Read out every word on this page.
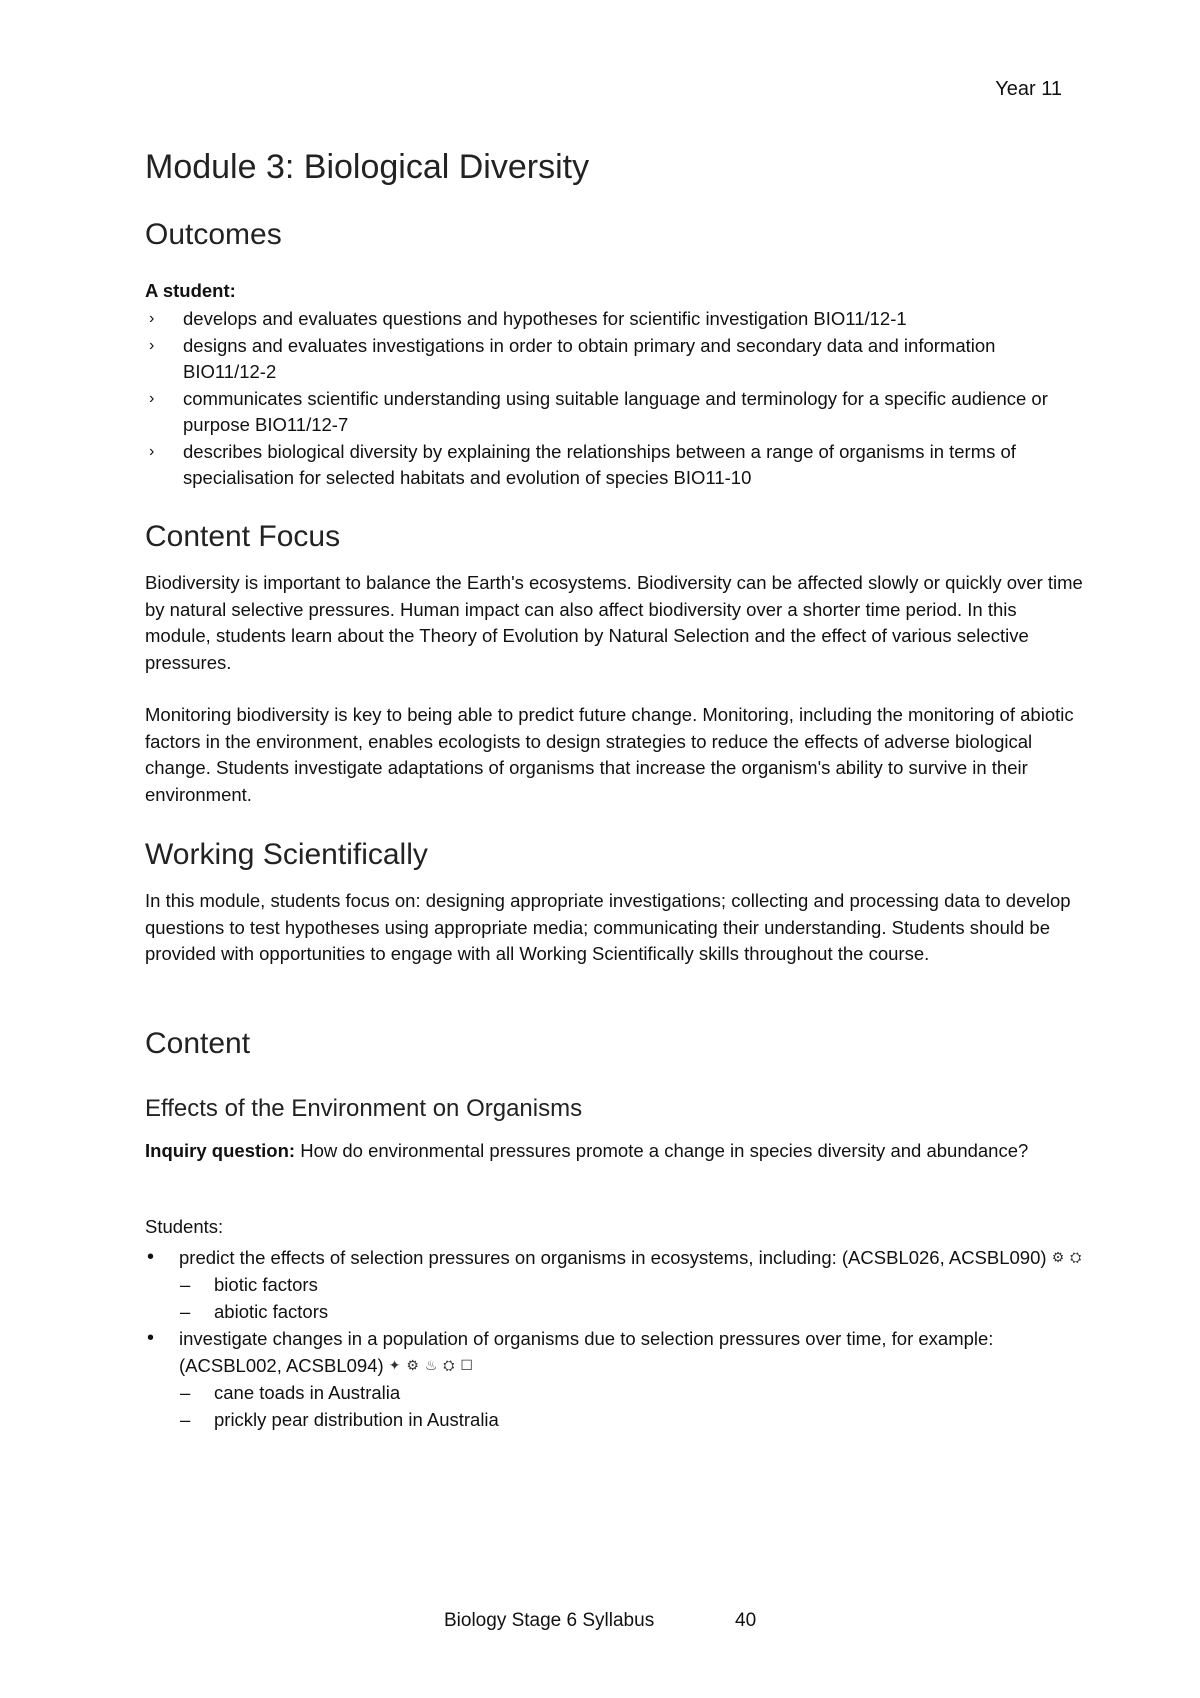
Year 11
Module 3: Biological Diversity
Outcomes
A student:
› develops and evaluates questions and hypotheses for scientific investigation BIO11/12-1
› designs and evaluates investigations in order to obtain primary and secondary data and information BIO11/12-2
› communicates scientific understanding using suitable language and terminology for a specific audience or purpose BIO11/12-7
› describes biological diversity by explaining the relationships between a range of organisms in terms of specialisation for selected habitats and evolution of species BIO11-10
Content Focus
Biodiversity is important to balance the Earth's ecosystems. Biodiversity can be affected slowly or quickly over time by natural selective pressures. Human impact can also affect biodiversity over a shorter time period. In this module, students learn about the Theory of Evolution by Natural Selection and the effect of various selective pressures.
Monitoring biodiversity is key to being able to predict future change. Monitoring, including the monitoring of abiotic factors in the environment, enables ecologists to design strategies to reduce the effects of adverse biological change. Students investigate adaptations of organisms that increase the organism's ability to survive in their environment.
Working Scientifically
In this module, students focus on: designing appropriate investigations; collecting and processing data to develop questions to test hypotheses using appropriate media; communicating their understanding. Students should be provided with opportunities to engage with all Working Scientifically skills throughout the course.
Content
Effects of the Environment on Organisms
Inquiry question: How do environmental pressures promote a change in species diversity and abundance?
Students:
• predict the effects of selection pressures on organisms in ecosystems, including: (ACSBL026, ACSBL090) ⚙ ⛭
– biotic factors
– abiotic factors
• investigate changes in a population of organisms due to selection pressures over time, for example: (ACSBL002, ACSBL094) ✦ ⚙ ♨ ⛭ ☐
– cane toads in Australia
– prickly pear distribution in Australia
Biology Stage 6 Syllabus	40
